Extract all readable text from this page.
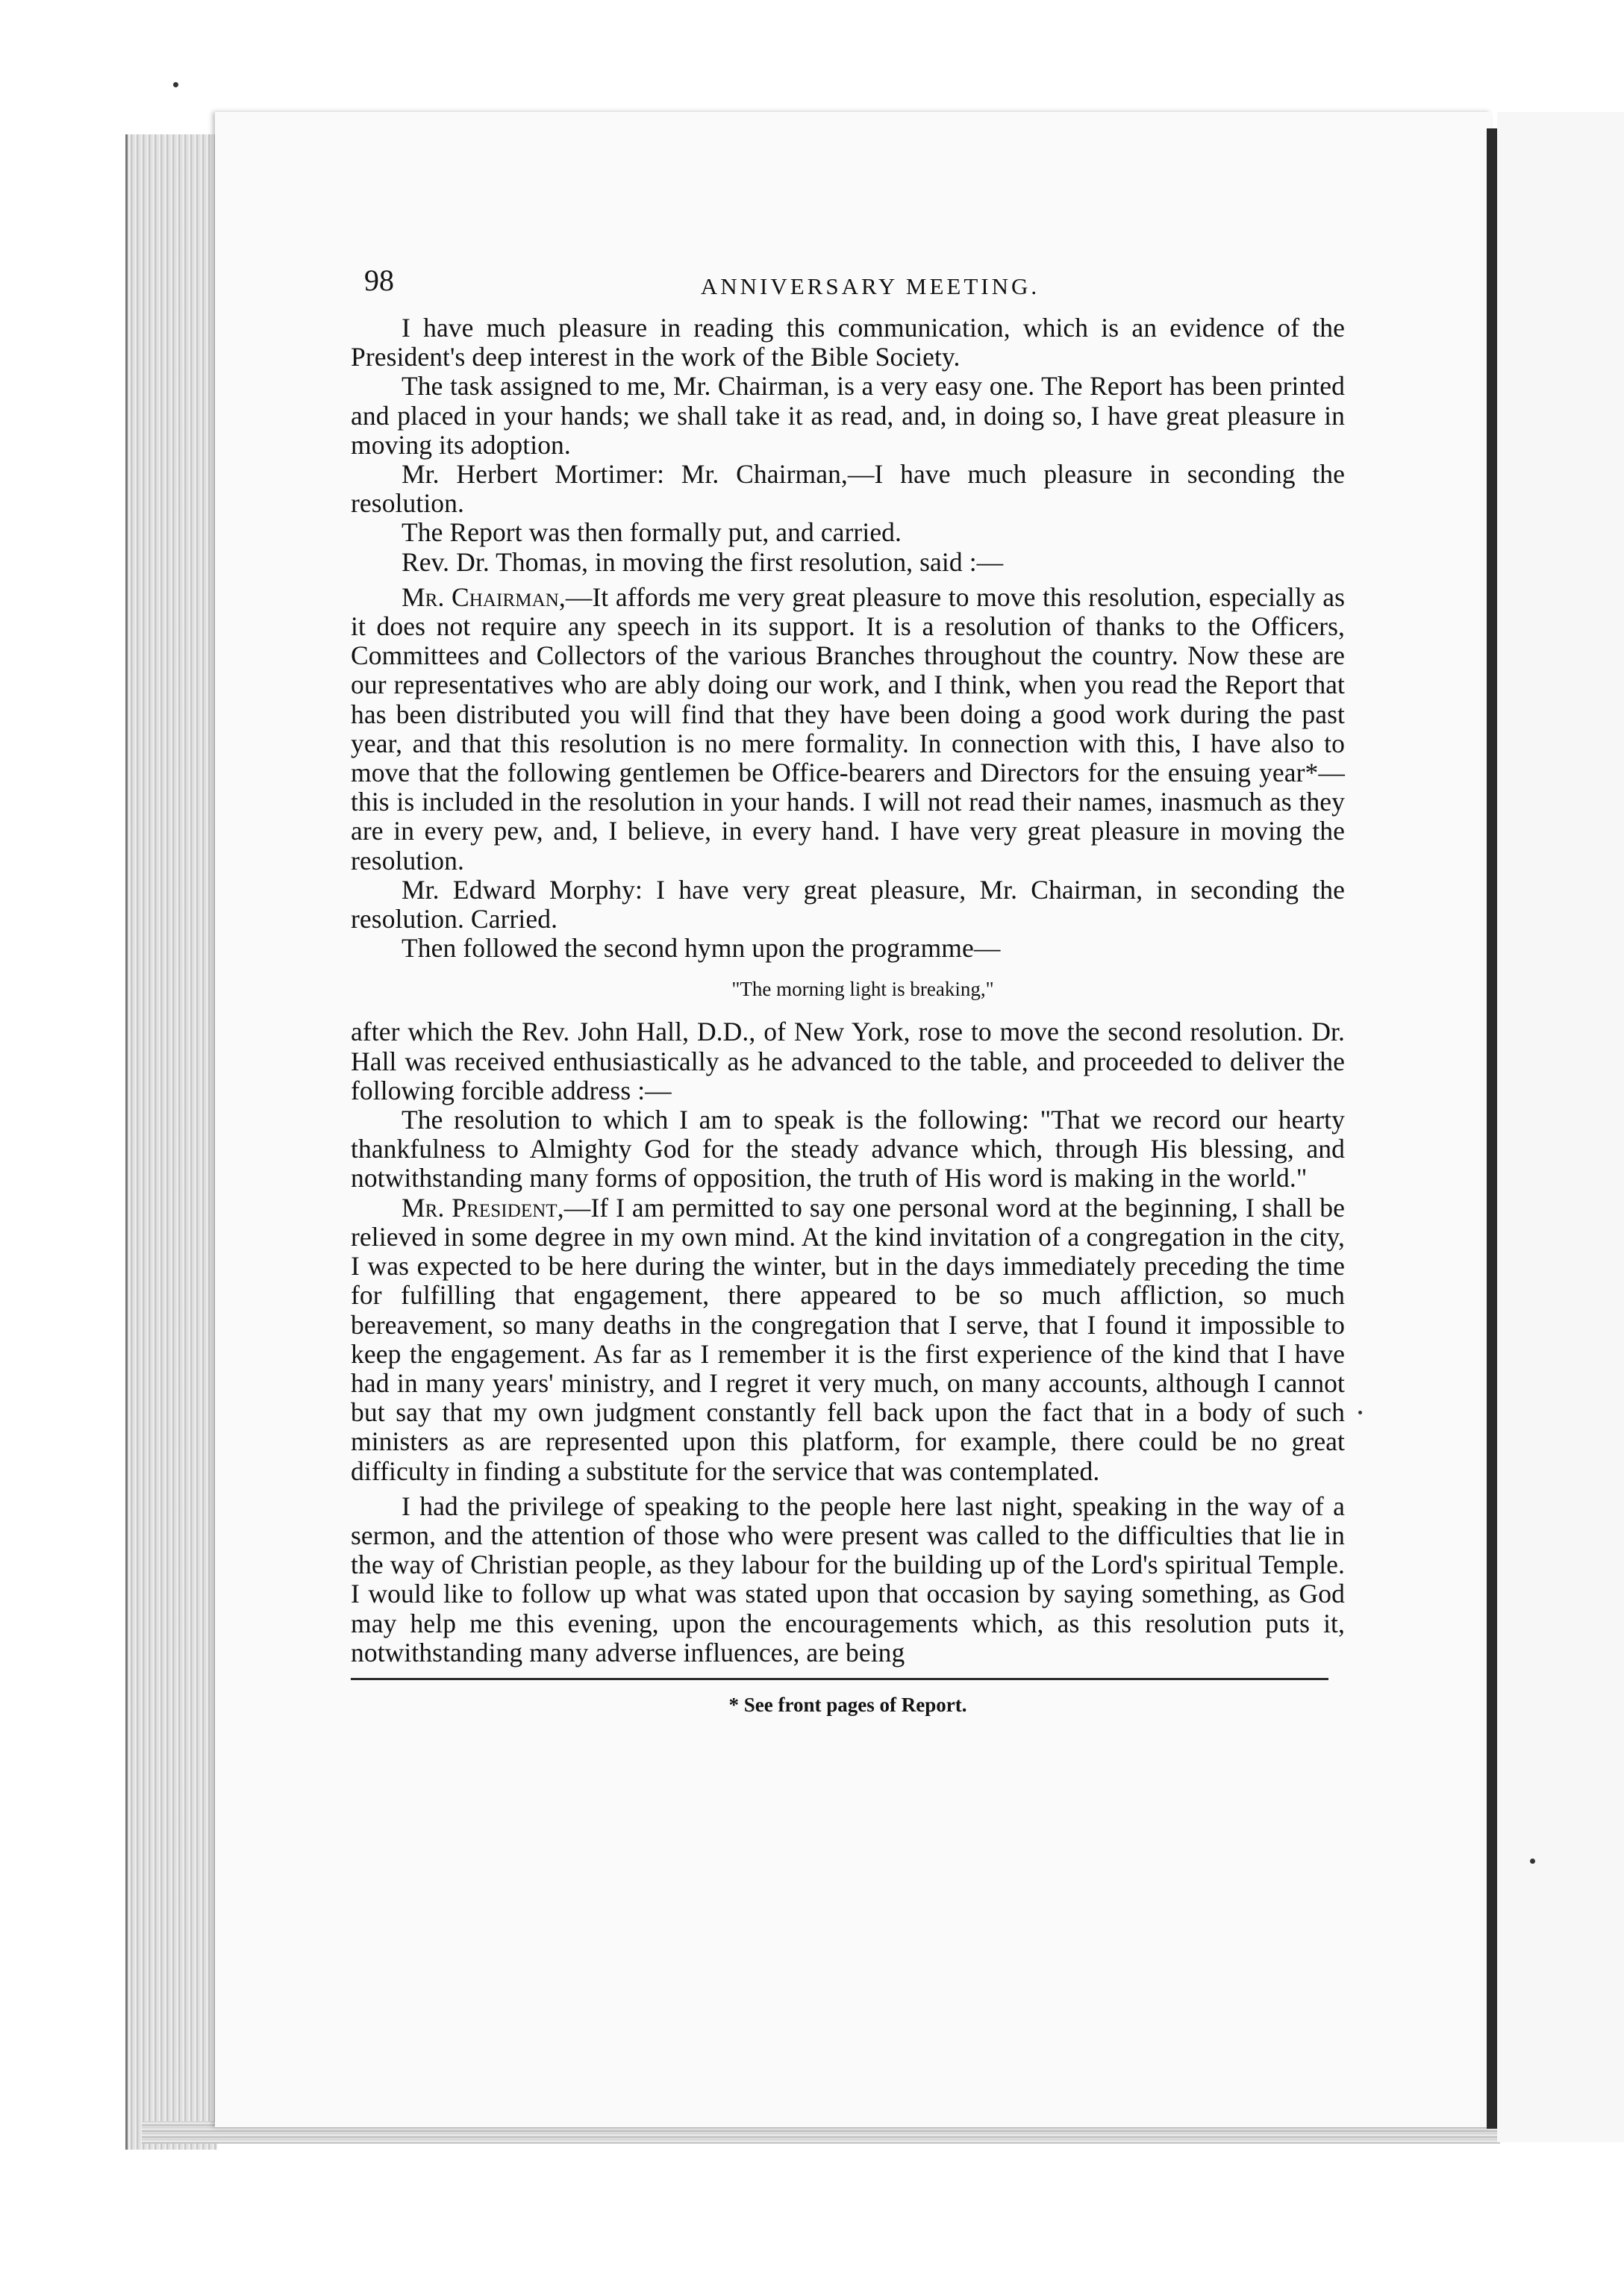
98	ANNIVERSARY MEETING.

I have much pleasure in reading this communication, which is an evidence of the President's deep interest in the work of the Bible Society.

The task assigned to me, Mr. Chairman, is a very easy one. The Report has been printed and placed in your hands; we shall take it as read, and, in doing so, I have great pleasure in moving its adoption.

Mr. Herbert Mortimer: Mr. Chairman,—I have much pleasure in seconding the resolution.

The Report was then formally put, and carried.

Rev. Dr. Thomas, in moving the first resolution, said :—

Mr. Chairman,—It affords me very great pleasure to move this resolution, especially as it does not require any speech in its support. It is a resolution of thanks to the Officers, Committees and Collectors of the various Branches throughout the country. Now these are our representatives who are ably doing our work, and I think, when you read the Report that has been distributed you will find that they have been doing a good work during the past year, and that this resolution is no mere formality. In connection with this, I have also to move that the following gentlemen be Office-bearers and Directors for the ensuing year*—this is included in the resolution in your hands. I will not read their names, inasmuch as they are in every pew, and, I believe, in every hand. I have very great pleasure in moving the resolution.

Mr. Edward Morphy: I have very great pleasure, Mr. Chairman, in seconding the resolution. Carried.

Then followed the second hymn upon the programme—

"The morning light is breaking,"

after which the Rev. John Hall, D.D., of New York, rose to move the second resolution. Dr. Hall was received enthusiastically as he advanced to the table, and proceeded to deliver the following forcible address :—

The resolution to which I am to speak is the following: "That we record our hearty thankfulness to Almighty God for the steady advance which, through His blessing, and notwithstanding many forms of opposition, the truth of His word is making in the world."

Mr. President,—If I am permitted to say one personal word at the beginning, I shall be relieved in some degree in my own mind. At the kind invitation of a congregation in the city, I was expected to be here during the winter, but in the days immediately preceding the time for fulfilling that engagement, there appeared to be so much affliction, so much bereavement, so many deaths in the congregation that I serve, that I found it impossible to keep the engagement. As far as I remember it is the first experience of the kind that I have had in many years' ministry, and I regret it very much, on many accounts, although I cannot but say that my own judgment constantly fell back upon the fact that in a body of such ministers as are represented upon this platform, for example, there could be no great difficulty in finding a substitute for the service that was contemplated.

I had the privilege of speaking to the people here last night, speaking in the way of a sermon, and the attention of those who were present was called to the difficulties that lie in the way of Christian people, as they labour for the building up of the Lord's spiritual Temple. I would like to follow up what was stated upon that occasion by saying something, as God may help me this evening, upon the encouragements which, as this resolution puts it, notwithstanding many adverse influences, are being

* See front pages of Report.
